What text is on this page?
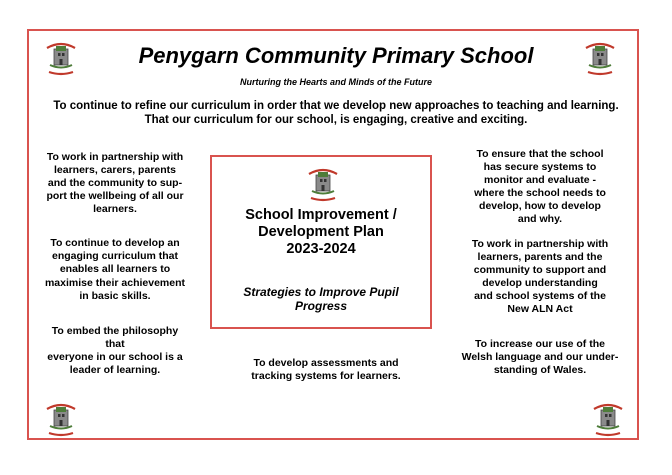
Penygarn Community Primary School
Nurturing the Hearts and Minds of the Future
To continue to refine our curriculum in order that we develop new approaches to teaching and learning.
That our curriculum for our school, is engaging, creative and exciting.
To work in partnership with
learners, carers, parents
and the community to sup-
port the wellbeing of all our
learners.
To continue to develop an
engaging curriculum that
enables all learners to
maximise their achievement
in basic skills.
To embed the philosophy
that
everyone in our school is a
leader of learning.
School Improvement /
Development Plan
2023-2024
Strategies to Improve Pupil
Progress
To develop assessments and
tracking systems for learners.
To ensure that the school
has secure systems to
monitor and evaluate -
where the school needs to
develop, how to develop
and why.
To work in partnership with
learners, parents and the
community to support and
develop understanding
and school systems of the
New ALN Act
To increase our use of the
Welsh language and our under-
standing of Wales.
